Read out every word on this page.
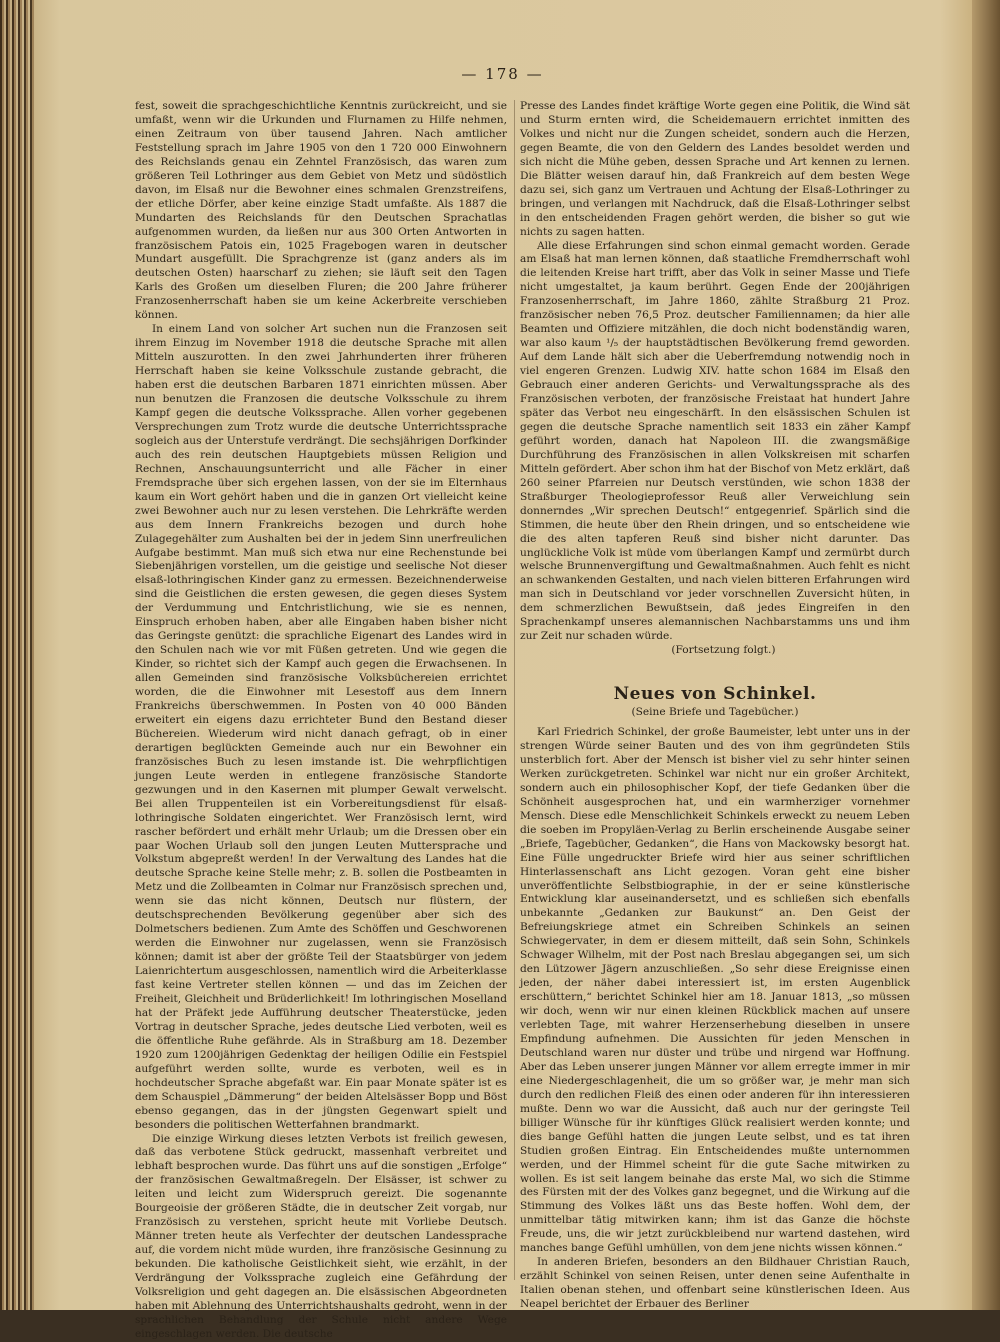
— 178 —

fest, soweit die sprachgeschichtliche Kenntnis zurückreicht, und sie umfaßt, wenn wir die Urkunden und Flurnamen zu Hilfe nehmen, einen Zeitraum von über tausend Jahren. Nach amtlicher Feststellung sprach im Jahre 1905 von den 1 720 000 Einwohnern des Reichslands genau ein Zehntel Französisch, das waren zum größeren Teil Lothringer aus dem Gebiet von Metz und südöstlich davon, im Elsaß nur die Bewohner eines schmalen Grenzstreifens, der etliche Dörfer, aber keine einzige Stadt umfaßte. Als 1887 die Mundarten des Reichslands für den Deutschen Sprachatlas aufgenommen wurden, da ließen nur aus 300 Orten Antworten in französischem Patois ein, 1025 Fragebogen waren in deutscher Mundart ausgefüllt. Die Sprachgrenze ist (ganz anders als im deutschen Osten) haarscharf zu ziehen; sie läuft seit den Tagen Karls des Großen um dieselben Fluren; die 200 Jahre früherer Franzosenherrschaft haben sie um keine Ackerbreite verschieben können.

In einem Land von solcher Art suchen nun die Franzosen seit ihrem Einzug im November 1918 die deutsche Sprache mit allen Mitteln auszurotten. In den zwei Jahrhunderten ihrer früheren Herrschaft haben sie keine Volksschule zustande gebracht, die haben erst die deutschen Barbaren 1871 einrichten müssen. Aber nun benutzen die Franzosen die deutsche Volksschule zu ihrem Kampf gegen die deutsche Volkssprache. Allen vorher gegebenen Versprechungen zum Trotz wurde die deutsche Unterrichtssprache sogleich aus der Unterstufe verdrängt. Die sechsjährigen Dorfkinder auch des rein deutschen Hauptgebiets müssen Religion und Rechnen, Anschauungsunterricht und alle Fächer in einer Fremdsprache über sich ergehen lassen, von der sie im Elternhaus kaum ein Wort gehört haben und die in ganzen Ort vielleicht keine zwei Bewohner auch nur zu lesen verstehen. Die Lehrkräfte werden aus dem Innern Frankreichs bezogen und durch hohe Zulagegehälter zum Aushalten bei der in jedem Sinn unerfreulichen Aufgabe bestimmt. Man muß sich etwa nur eine Rechenstunde bei Siebenjährigen vorstellen, um die geistige und seelische Not dieser elsaß-lothringischen Kinder ganz zu ermessen. Bezeichnenderweise sind die Geistlichen die ersten gewesen, die gegen dieses System der Verdummung und Entchristlichung, wie sie es nennen, Einspruch erhoben haben, aber alle Eingaben haben bisher nicht das Geringste genützt: die sprachliche Eigenart des Landes wird in den Schulen nach wie vor mit Füßen getreten. Und wie gegen die Kinder, so richtet sich der Kampf auch gegen die Erwachsenen. In allen Gemeinden sind französische Volksbüchereien errichtet worden, die die Einwohner mit Lesestoff aus dem Innern Frankreichs überschwemmen. In Posten von 40 000 Bänden erweitert ein eigens dazu errichteter Bund den Bestand dieser Büchereien. Wiederum wird nicht danach gefragt, ob in einer derartigen beglückten Gemeinde auch nur ein Bewohner ein französisches Buch zu lesen imstande ist. Die wehrpflichtigen jungen Leute werden in entlegene französische Standorte gezwungen und in den Kasernen mit plumper Gewalt verwelscht. Bei allen Truppenteilen ist ein Vorbereitungsdienst für elsaß-lothringische Soldaten eingerichtet. Wer Französisch lernt, wird rascher befördert und erhält mehr Urlaub; um die Dressen ober ein paar Wochen Urlaub soll den jungen Leuten Muttersprache und Volkstum abgepreßt werden! In der Verwaltung des Landes hat die deutsche Sprache keine Stelle mehr; z. B. sollen die Postbeamten in Metz und die Zollbeamten in Colmar nur Französisch sprechen und, wenn sie das nicht können, Deutsch nur flüstern, der deutschsprechenden Bevölkerung gegenüber aber sich des Dolmetschers bedienen. Zum Amte des Schöffen und Geschworenen werden die Einwohner nur zugelassen, wenn sie Französisch können; damit ist aber der größte Teil der Staatsbürger von jedem Laienrichtertum ausgeschlossen, namentlich wird die Arbeiterklasse fast keine Vertreter stellen können — und das im Zeichen der Freiheit, Gleichheit und Brüderlichkeit! Im lothringischen Moselland hat der Präfekt jede Aufführung deutscher Theaterstücke, jeden Vortrag in deutscher Sprache, jedes deutsche Lied verboten, weil es die öffentliche Ruhe gefährde. Als in Straßburg am 18. Dezember 1920 zum 1200jährigen Gedenktag der heiligen Odilie ein Festspiel aufgeführt werden sollte, wurde es verboten, weil es in hochdeutscher Sprache abgefaßt war. Ein paar Monate später ist es dem Schauspiel „Dämmerung“ der beiden Altelsässer Bopp und Böst ebenso gegangen, das in der jüngsten Gegenwart spielt und besonders die politischen Wetterfahnen brandmarkt.

Die einzige Wirkung dieses letzten Verbots ist freilich gewesen, daß das verbotene Stück gedruckt, massenhaft verbreitet und lebhaft besprochen wurde. Das führt uns auf die sonstigen „Erfolge“ der französischen Gewaltmaßregeln. Der Elsässer, ist schwer zu leiten und leicht zum Widerspruch gereizt. Die sogenannte Bourgeoisie der größeren Städte, die in deutscher Zeit vorgab, nur Französisch zu verstehen, spricht heute mit Vorliebe Deutsch. Männer treten heute als Verfechter der deutschen Landessprache auf, die vordem nicht müde wurden, ihre französische Gesinnung zu bekunden. Die katholische Geistlichkeit sieht, wie erzählt, in der Verdrängung der Volkssprache zugleich eine Gefährdung der Volksreligion und geht dagegen an. Die elsässischen Abgeordneten haben mit Ablehnung des Unterrichtshaushalts gedroht, wenn in der sprachlichen Behandlung der Schule nicht andere Wege eingeschlagen werden. Die deutsche

Presse des Landes findet kräftige Worte gegen eine Politik, die Wind sät und Sturm ernten wird, die Scheidemauern errichtet inmitten des Volkes und nicht nur die Zungen scheidet, sondern auch die Herzen, gegen Beamte, die von den Geldern des Landes besoldet werden und sich nicht die Mühe geben, dessen Sprache und Art kennen zu lernen. Die Blätter weisen darauf hin, daß Frankreich auf dem besten Wege dazu sei, sich ganz um Vertrauen und Achtung der Elsaß-Lothringer zu bringen, und verlangen mit Nachdruck, daß die Elsaß-Lothringer selbst in den entscheidenden Fragen gehört werden, die bisher so gut wie nichts zu sagen hatten.

Alle diese Erfahrungen sind schon einmal gemacht worden. Gerade am Elsaß hat man lernen können, daß staatliche Fremdherrschaft wohl die leitenden Kreise hart trifft, aber das Volk in seiner Masse und Tiefe nicht umgestaltet, ja kaum berührt. Gegen Ende der 200jährigen Franzosenherrschaft, im Jahre 1860, zählte Straßburg 21 Proz. französischer neben 76,5 Proz. deutscher Familiennamen; da hier alle Beamten und Offiziere mitzählen, die doch nicht bodenständig waren, war also kaum ¹/₅ der hauptstädtischen Bevölkerung fremd geworden. Auf dem Lande hält sich aber die Ueberfremdung notwendig noch in viel engeren Grenzen. Ludwig XIV. hatte schon 1684 im Elsaß den Gebrauch einer anderen Gerichts- und Verwaltungssprache als des Französischen verboten, der französische Freistaat hat hundert Jahre später das Verbot neu eingeschärft. In den elsässischen Schulen ist gegen die deutsche Sprache namentlich seit 1833 ein zäher Kampf geführt worden, danach hat Napoleon III. die zwangsmäßige Durchführung des Französischen in allen Volkskreisen mit scharfen Mitteln gefördert. Aber schon ihm hat der Bischof von Metz erklärt, daß 260 seiner Pfarreien nur Deutsch verstünden, wie schon 1838 der Straßburger Theologieprofessor Reuß aller Verweichlung sein donnerndes „Wir sprechen Deutsch!“ entgegenrief. Spärlich sind die Stimmen, die heute über den Rhein dringen, und so entscheidene wie die des alten tapferen Reuß sind bisher nicht darunter. Das unglückliche Volk ist müde vom überlangen Kampf und zermürbt durch welsche Brunnenvergiftung und Gewaltmaßnahmen. Auch fehlt es nicht an schwankenden Gestalten, und nach vielen bitteren Erfahrungen wird man sich in Deutschland vor jeder vorschnellen Zuversicht hüten, in dem schmerzlichen Bewußtsein, daß jedes Eingreifen in den Sprachenkampf unseres alemannischen Nachbarstamms uns und ihm zur Zeit nur schaden würde.

(Fortsetzung folgt.)

Neues von Schinkel.
(Seine Briefe und Tagebücher.)

Karl Friedrich Schinkel, der große Baumeister, lebt unter uns in der strengen Würde seiner Bauten und des von ihm gegründeten Stils unsterblich fort. Aber der Mensch ist bisher viel zu sehr hinter seinen Werken zurückgetreten. Schinkel war nicht nur ein großer Architekt, sondern auch ein philosophischer Kopf, der tiefe Gedanken über die Schönheit ausgesprochen hat, und ein warmherziger vornehmer Mensch. Diese edle Menschlichkeit Schinkels erweckt zu neuem Leben die soeben im Propyläen-Verlag zu Berlin erscheinende Ausgabe seiner „Briefe, Tagebücher, Gedanken“, die Hans von Mackowsky besorgt hat. Eine Fülle ungedruckter Briefe wird hier aus seiner schriftlichen Hinterlassenschaft ans Licht gezogen. Voran geht eine bisher unveröffentlichte Selbstbiographie, in der er seine künstlerische Entwicklung klar auseinandersetzt, und es schließen sich ebenfalls unbekannte „Gedanken zur Baukunst“ an. Den Geist der Befreiungskriege atmet ein Schreiben Schinkels an seinen Schwiegervater, in dem er diesem mitteilt, daß sein Sohn, Schinkels Schwager Wilhelm, mit der Post nach Breslau abgegangen sei, um sich den Lützower Jägern anzuschließen. „So sehr diese Ereignisse einen jeden, der näher dabei interessiert ist, im ersten Augenblick erschüttern,“ berichtet Schinkel hier am 18. Januar 1813, „so müssen wir doch, wenn wir nur einen kleinen Rückblick machen auf unsere verlebten Tage, mit wahrer Herzenserhebung dieselben in unsere Empfindung aufnehmen. Die Aussichten für jeden Menschen in Deutschland waren nur düster und trübe und nirgend war Hoffnung. Aber das Leben unserer jungen Männer vor allem erregte immer in mir eine Niedergeschlagenheit, die um so größer war, je mehr man sich durch den redlichen Fleiß des einen oder anderen für ihn interessieren mußte. Denn wo war die Aussicht, daß auch nur der geringste Teil billiger Wünsche für ihr künftiges Glück realisiert werden konnte; und dies bange Gefühl hatten die jungen Leute selbst, und es tat ihren Studien großen Eintrag. Ein Entscheidendes mußte unternommen werden, und der Himmel scheint für die gute Sache mitwirken zu wollen. Es ist seit langem beinahe das erste Mal, wo sich die Stimme des Fürsten mit der des Volkes ganz begegnet, und die Wirkung auf die Stimmung des Volkes läßt uns das Beste hoffen. Wohl dem, der unmittelbar tätig mitwirken kann; ihm ist das Ganze die höchste Freude, uns, die wir jetzt zurückbleibend nur wartend dastehen, wird manches bange Gefühl umhüllen, von dem jene nichts wissen können.“

In anderen Briefen, besonders an den Bildhauer Christian Rauch, erzählt Schinkel von seinen Reisen, unter denen seine Aufenthalte in Italien obenan stehen, und offenbart seine künstlerischen Ideen. Aus Neapel berichtet der Erbauer des Berliner
